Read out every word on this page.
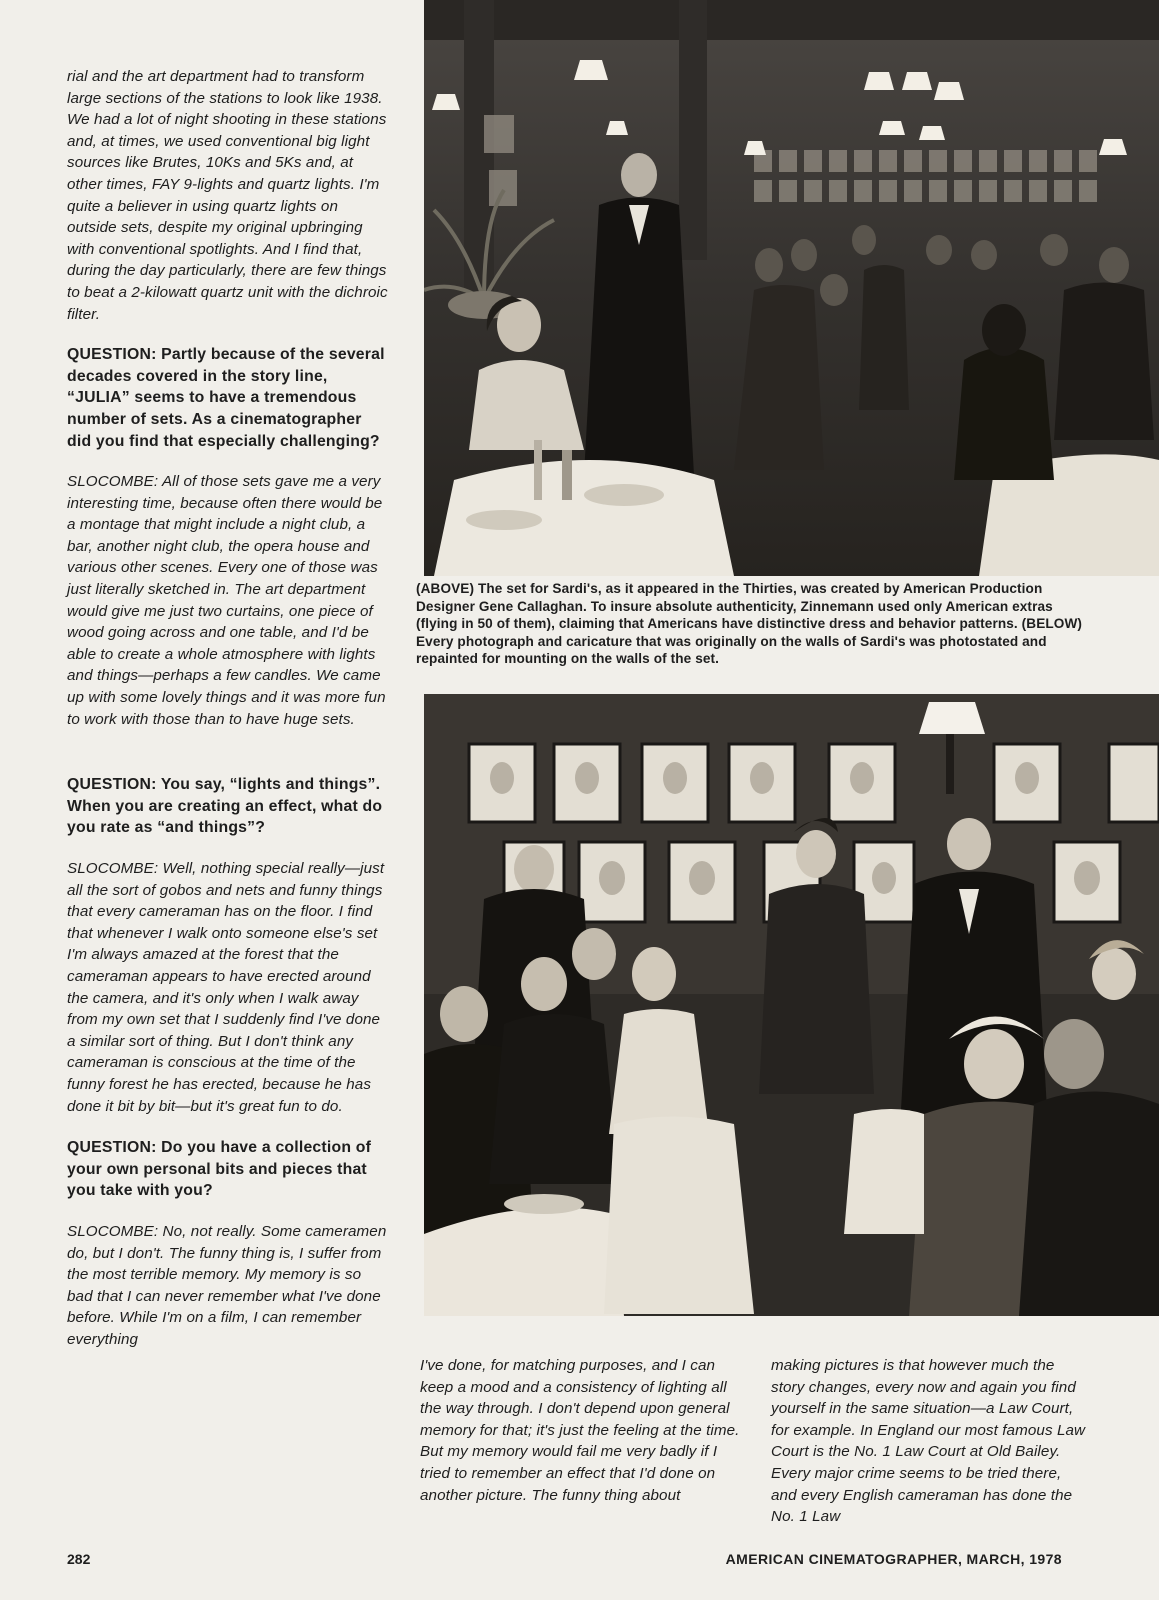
rial and the art department had to transform large sections of the stations to look like 1938. We had a lot of night shooting in these stations and, at times, we used conventional big light sources like Brutes, 10Ks and 5Ks and, at other times, FAY 9-lights and quartz lights. I'm quite a believer in using quartz lights on outside sets, despite my original upbringing with conventional spotlights. And I find that, during the day particularly, there are few things to beat a 2-kilowatt quartz unit with the dichroic filter.

QUESTION: Partly because of the several decades covered in the story line, “JULIA” seems to have a tremendous number of sets. As a cinematographer did you find that especially challenging?

SLOCOMBE: All of those sets gave me a very interesting time, because often there would be a montage that might include a night club, a bar, another night club, the opera house and various other scenes. Every one of those was just literally sketched in. The art department would give me just two curtains, one piece of wood going across and one table, and I'd be able to create a whole atmosphere with lights and things—perhaps a few candles. We came up with some lovely things and it was more fun to work with those than to have huge sets.

QUESTION: You say, “lights and things”. When you are creating an effect, what do you rate as “and things”?

SLOCOMBE: Well, nothing special really—just all the sort of gobos and nets and funny things that every cameraman has on the floor. I find that whenever I walk onto someone else's set I'm always amazed at the forest that the cameraman appears to have erected around the camera, and it's only when I walk away from my own set that I suddenly find I've done a similar sort of thing. But I don't think any cameraman is conscious at the time of the funny forest he has erected, because he has done it bit by bit—but it's great fun to do.

QUESTION: Do you have a collection of your own personal bits and pieces that you take with you?

SLOCOMBE: No, not really. Some cameramen do, but I don't. The funny thing is, I suffer from the most terrible memory. My memory is so bad that I can never remember what I've done before. While I'm on a film, I can remember everything

(ABOVE) The set for Sardi's, as it appeared in the Thirties, was created by American Production Designer Gene Callaghan. To insure absolute authenticity, Zinnemann used only American extras (flying in 50 of them), claiming that Americans have distinctive dress and behavior patterns. (BELOW) Every photograph and caricature that was originally on the walls of Sardi's was photostated and repainted for mounting on the walls of the set.

I've done, for matching purposes, and I can keep a mood and a consistency of lighting all the way through. I don't depend upon general memory for that; it's just the feeling at the time. But my memory would fail me very badly if I tried to remember an effect that I'd done on another picture. The funny thing about

making pictures is that however much the story changes, every now and again you find yourself in the same situation—a Law Court, for example. In England our most famous Law Court is the No. 1 Law Court at Old Bailey. Every major crime seems to be tried there, and every English cameraman has done the No. 1 Law

282	AMERICAN CINEMATOGRAPHER, MARCH, 1978
